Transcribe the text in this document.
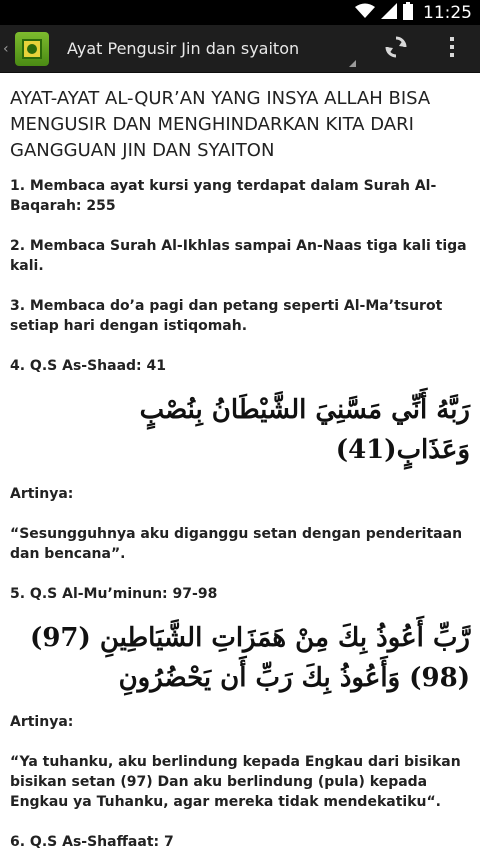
11:25
‹	Ayat Pengusir Jin dan syaiton
AYAT-AYAT AL-QUR’AN YANG INSYA ALLAH BISA MENGUSIR DAN MENGHINDARKAN KITA DARI GANGGUAN JIN DAN SYAITON
1. Membaca ayat kursi yang terdapat dalam Surah Al-Baqarah: 255
2. Membaca Surah Al-Ikhlas sampai An-Naas tiga kali tiga kali.
3. Membaca do’a pagi dan petang seperti Al-Ma’tsurot setiap hari dengan istiqomah.
4. Q.S As-Shaad: 41
رَبَّهُ أَنِّي مَسَّنِيَ الشَّيْطَانُ بِنُصْبٍ وَعَذَابٍ(41)
Artinya:
“Sesungguhnya aku diganggu setan dengan penderitaan dan bencana”.
5. Q.S Al-Mu’minun: 97-98
رَّبِّ أَعُوذُ بِكَ مِنْ هَمَزَاتِ الشَّيَاطِينِ (97)(98) وَأَعُوذُ بِكَ رَبِّ أَن يَحْضُرُونِ
Artinya:
“Ya tuhanku, aku berlindung kepada Engkau dari bisikan bisikan setan (97) Dan aku berlindung (pula) kepada Engkau ya Tuhanku, agar mereka tidak mendekatiku“.
6. Q.S As-Shaffaat: 7
